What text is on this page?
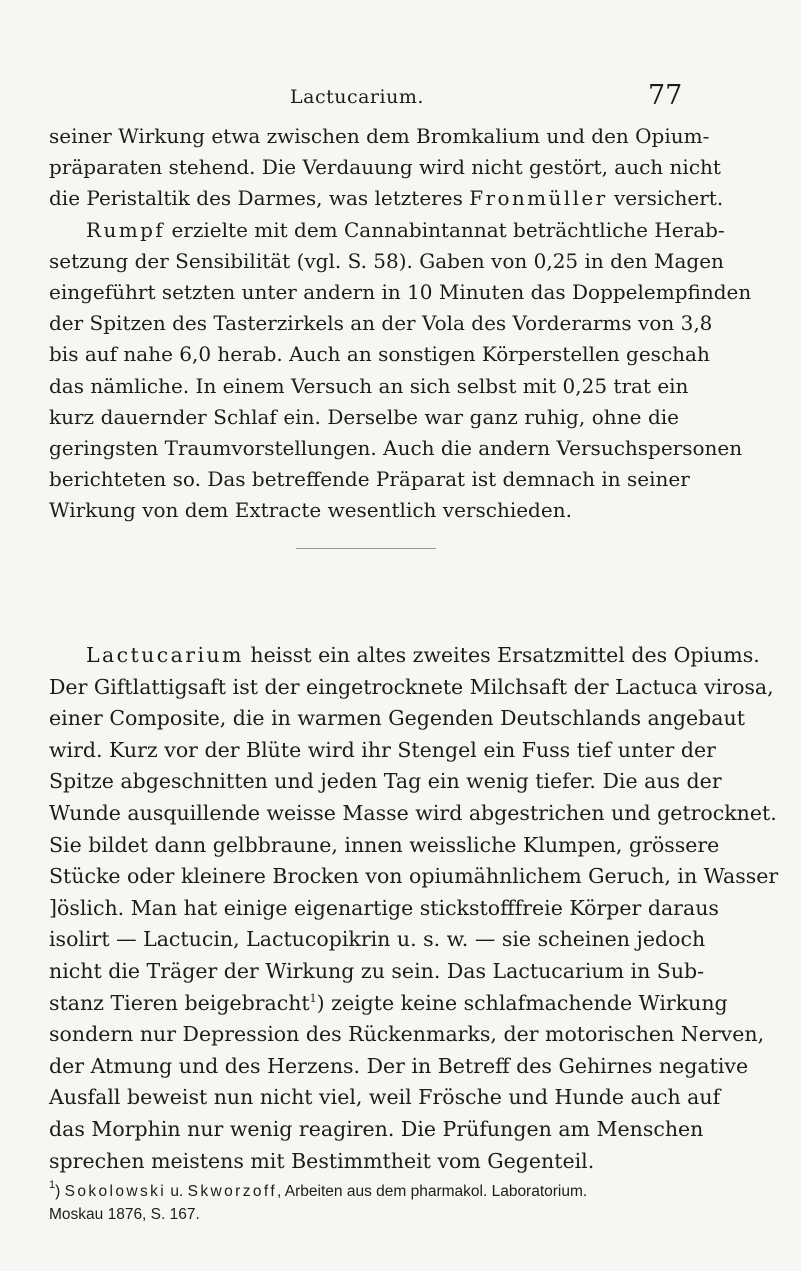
Lactucarium.	77

seiner Wirkung etwa zwischen dem Bromkalium und den Opium-
präparaten stehend. Die Verdauung wird nicht gestört, auch nicht
die Peristaltik des Darmes, was letzteres Fronmüller versichert.
Rumpf erzielte mit dem Cannabintannat beträchtliche Herab-
setzung der Sensibilität (vgl. S. 58). Gaben von 0,25 in den Magen
eingeführt setzten unter andern in 10 Minuten das Doppelempfinden
der Spitzen des Tasterzirkels an der Vola des Vorderarms von 3,8
bis auf nahe 6,0 herab. Auch an sonstigen Körperstellen geschah
das nämliche. In einem Versuch an sich selbst mit 0,25 trat ein
kurz dauernder Schlaf ein. Derselbe war ganz ruhig, ohne die
geringsten Traumvorstellungen. Auch die andern Versuchspersonen
berichteten so. Das betreffende Präparat ist demnach in seiner
Wirkung von dem Extracte wesentlich verschieden.

Lactucarium heisst ein altes zweites Ersatzmittel des Opiums.
Der Giftlattigsaft ist der eingetrocknete Milchsaft der Lactuca virosa,
einer Composite, die in warmen Gegenden Deutschlands angebaut
wird. Kurz vor der Blüte wird ihr Stengel ein Fuss tief unter der
Spitze abgeschnitten und jeden Tag ein wenig tiefer. Die aus der
Wunde ausquillende weisse Masse wird abgestrichen und getrocknet.
Sie bildet dann gelbbraune, innen weissliche Klumpen, grössere
Stücke oder kleinere Brocken von opiumähnlichem Geruch, in Wasser
]öslich. Man hat einige eigenartige stickstofffreie Körper daraus
isolirt — Lactucin, Lactucopikrin u. s. w. — sie scheinen jedoch
nicht die Träger der Wirkung zu sein. Das Lactucarium in Sub-
stanz Tieren beigebracht$^1$) zeigte keine schlafmachende Wirkung
sondern nur Depression des Rückenmarks, der motorischen Nerven,
der Atmung und des Herzens. Der in Betreff des Gehirnes negative
Ausfall beweist nun nicht viel, weil Frösche und Hunde auch auf
das Morphin nur wenig reagiren. Die Prüfungen am Menschen
sprechen meistens mit Bestimmtheit vom Gegenteil.

$^1$) Sokolowski u. Skworzoff, Arbeiten aus dem pharmakol. Laboratorium.
Moskau 1876, S. 167.
